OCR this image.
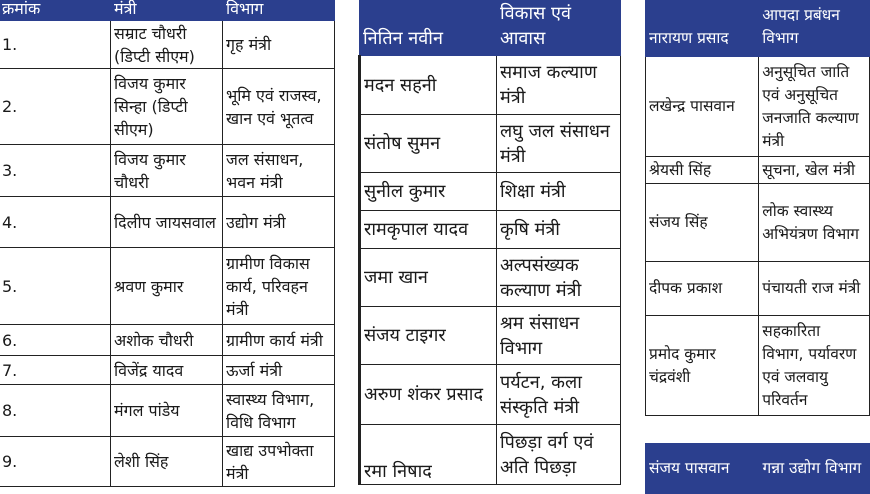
क्रमांक	मंत्री	विभाग
1.	सम्राट चौधरी (डिप्टी सीएम)	गृह मंत्री
2.	विजय कुमार सिन्हा (डिप्टी सीएम)	भूमि एवं राजस्व, खान एवं भूतत्व
3.	विजय कुमार चौधरी	जल संसाधन, भवन मंत्री
4.	दिलीप जायसवाल	उद्योग मंत्री
5.	श्रवण कुमार	ग्रामीण विकास कार्य, परिवहन मंत्री
6.	अशोक चौधरी	ग्रामीण कार्य मंत्री
7.	विजेंद्र यादव	ऊर्जा मंत्री
8.	मंगल पांडेय	स्वास्थ्य विभाग, विधि विभाग
9.	लेशी सिंह	खाद्य उपभोक्ता मंत्री
नितिन नवीन	विकास एवं आवास
मदन सहनी	समाज कल्याण मंत्री
संतोष सुमन	लघु जल संसाधन मंत्री
सुनील कुमार	शिक्षा मंत्री
रामकृपाल यादव	कृषि मंत्री
जमा खान	अल्पसंख्यक कल्याण मंत्री
संजय टाइगर	श्रम संसाधन विभाग
अरुण शंकर प्रसाद	पर्यटन, कला संस्कृति मंत्री
रमा निषाद	पिछड़ा वर्ग एवं अति पिछड़ा
नारायण प्रसाद	आपदा प्रबंधन विभाग
लखेन्द्र पासवान	अनुसूचित जाति एवं अनुसूचित जनजाति कल्याण मंत्री
श्रेयसी सिंह	सूचना, खेल मंत्री
संजय सिंह	लोक स्वास्थ्य अभियंत्रण विभाग
दीपक प्रकाश	पंचायती राज मंत्री
प्रमोद कुमार चंद्रवंशी	सहकारिता विभाग, पर्यावरण एवं जलवायु परिवर्तन
संजय पासवान	गन्ना उद्योग विभाग
